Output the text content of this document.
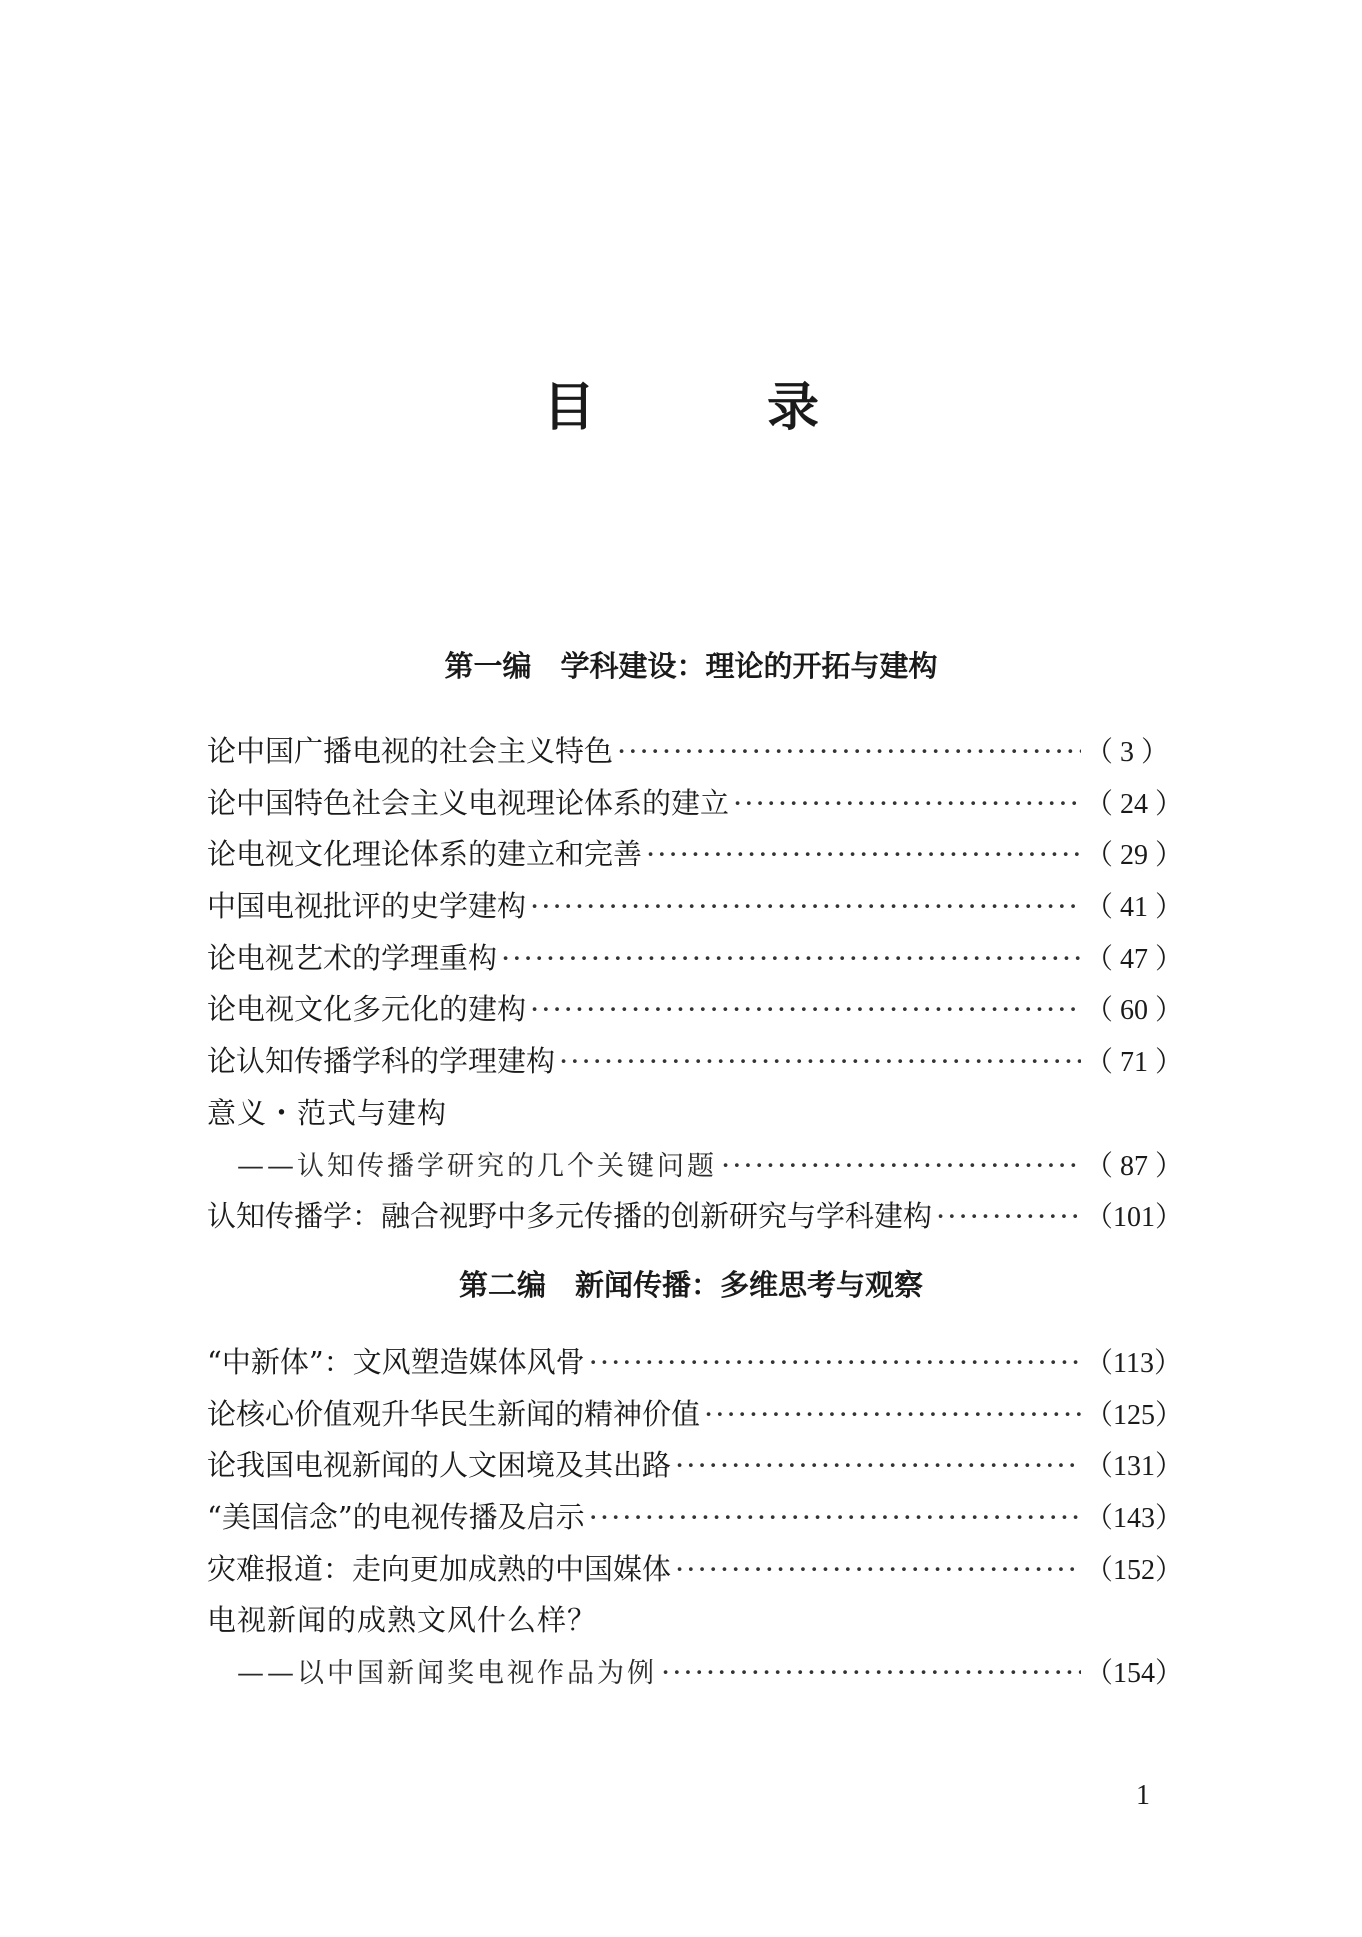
目　录
第一编　学科建设：理论的开拓与建构
论中国广播电视的社会主义特色 ·····	（ 3 ）
论中国特色社会主义电视理论体系的建立 ·····	（ 24 ）
论电视文化理论体系的建立和完善 ·····	（ 29 ）
中国电视批评的史学建构 ·····	（ 41 ）
论电视艺术的学理重构 ·····	（ 47 ）
论电视文化多元化的建构 ·····	（ 60 ）
论认知传播学科的学理建构 ·····	（ 71 ）
意义・范式与建构
——认知传播学研究的几个关键问题 ·····	（ 87 ）
认知传播学：融合视野中多元传播的创新研究与学科建构 ·····	（101）
第二编　新闻传播：多维思考与观察
“中新体”：文风塑造媒体风骨 ·····	（113）
论核心价值观升华民生新闻的精神价值 ·····	（125）
论我国电视新闻的人文困境及其出路 ·····	（131）
“美国信念”的电视传播及启示 ·····	（143）
灾难报道：走向更加成熟的中国媒体 ·····	（152）
电视新闻的成熟文风什么样？
——以中国新闻奖电视作品为例 ·····	（154）
1
